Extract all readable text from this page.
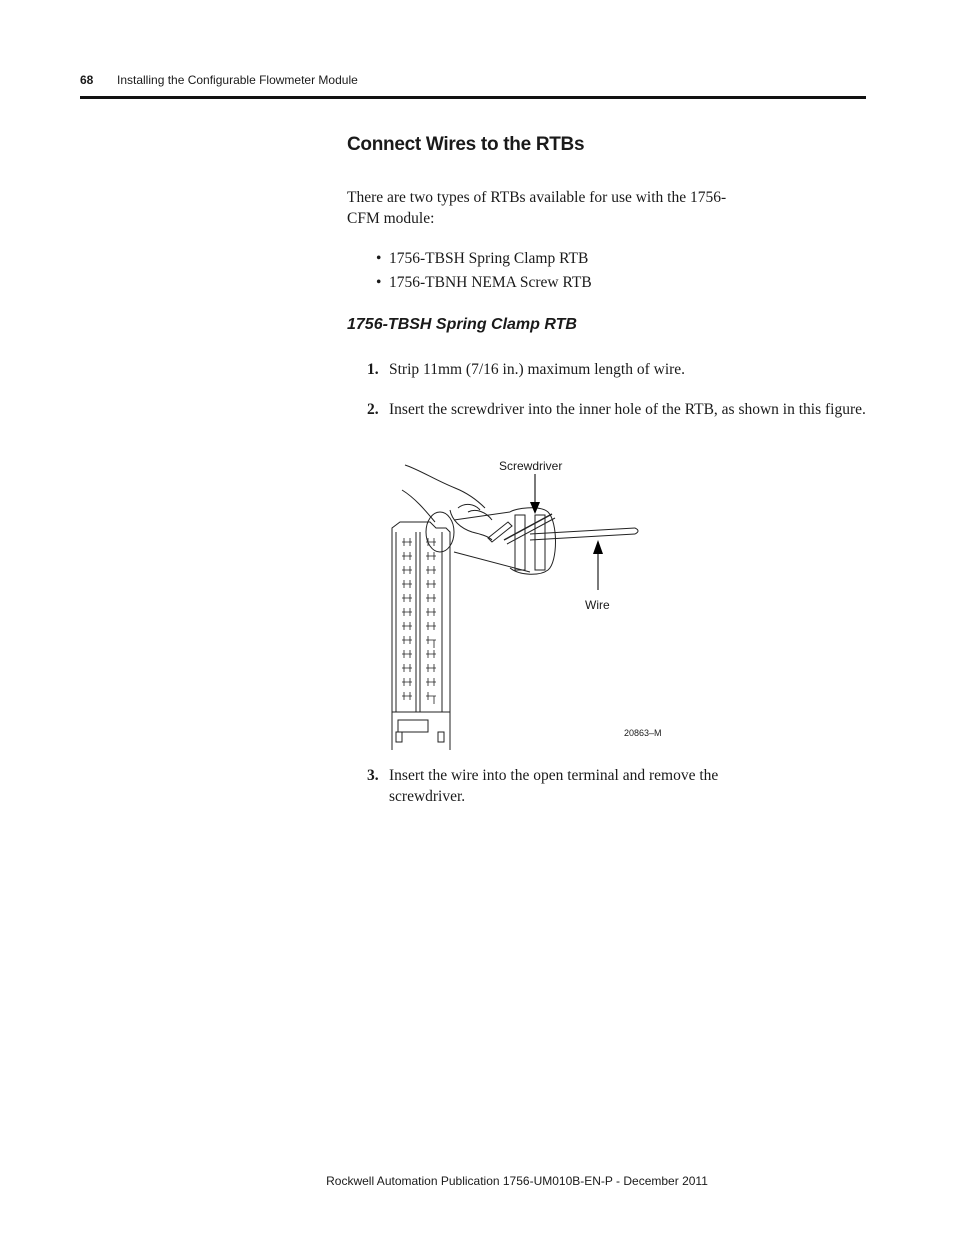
68 Installing the Configurable Flowmeter Module
Connect Wires to the RTBs

There are two types of RTBs available for use with the 1756-CFM module:

• 1756-TBSH Spring Clamp RTB
• 1756-TBNH NEMA Screw RTB
1756-TBSH Spring Clamp RTB
1. Strip 11mm (7/16 in.) maximum length of wire.
2. Insert the screwdriver into the inner hole of the RTB, as shown in this figure.
Screwdriver
Wire
20863–M
3. Insert the wire into the open terminal and remove the screwdriver.
Rockwell Automation Publication 1756-UM010B-EN-P - December 2011
